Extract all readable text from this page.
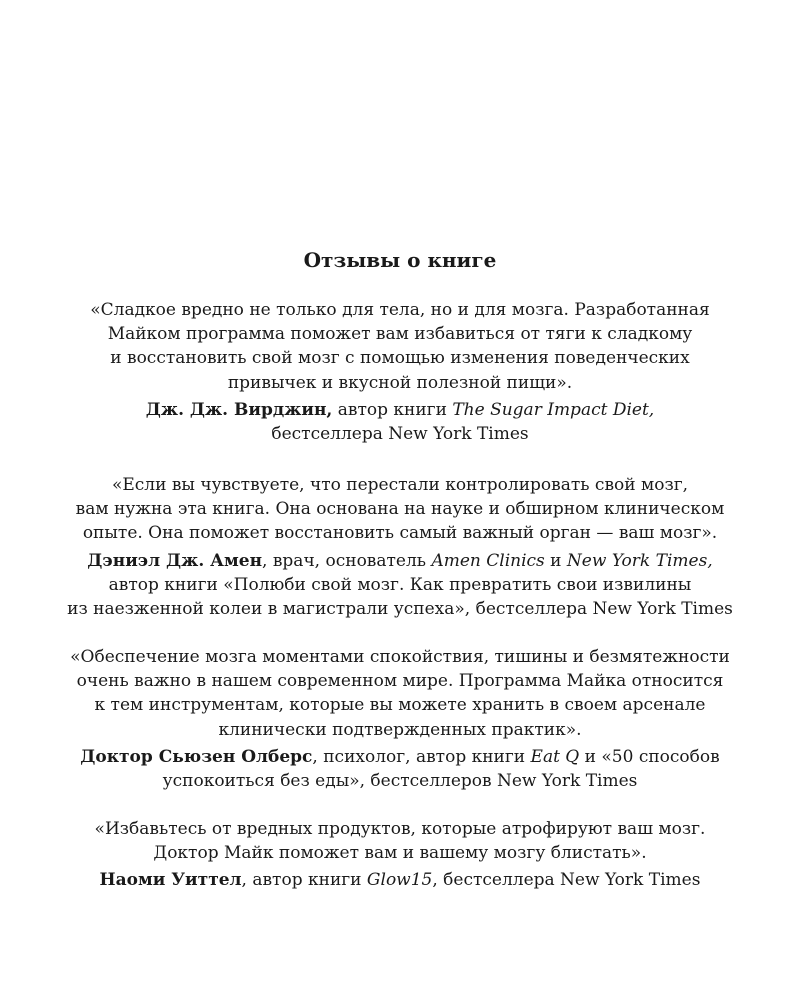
Отзывы о книге
«Сладкое вредно не только для тела, но и для мозга. Разработанная
Майком программа поможет вам избавиться от тяги к сладкому
и восстановить свой мозг с помощью изменения поведенческих
привычек и вкусной полезной пищи».
Дж. Дж. Вирджин, автор книги The Sugar Impact Diet,
бестселлера New York Times
«Если вы чувствуете, что перестали контролировать свой мозг,
вам нужна эта книга. Она основана на науке и обширном клиническом
опыте. Она поможет восстановить самый важный орган — ваш мозг».
Дэниэл Дж. Амен, врач, основатель Amen Clinics и New York Times,
автор книги «Полюби свой мозг. Как превратить свои извилины
из наезженной колеи в магистрали успеха», бестселлера New York Times
«Обеспечение мозга моментами спокойствия, тишины и безмятежности
очень важно в нашем современном мире. Программа Майка относится
к тем инструментам, которые вы можете хранить в своем арсенале
клинически подтвержденных практик».
Доктор Сьюзен Олберс, психолог, автор книги Eat Q и «50 способов
успокоиться без еды», бестселлеров New York Times
«Избавьтесь от вредных продуктов, которые атрофируют ваш мозг.
Доктор Майк поможет вам и вашему мозгу блистать».
Наоми Уиттел, автор книги Glow15, бестселлера New York Times
